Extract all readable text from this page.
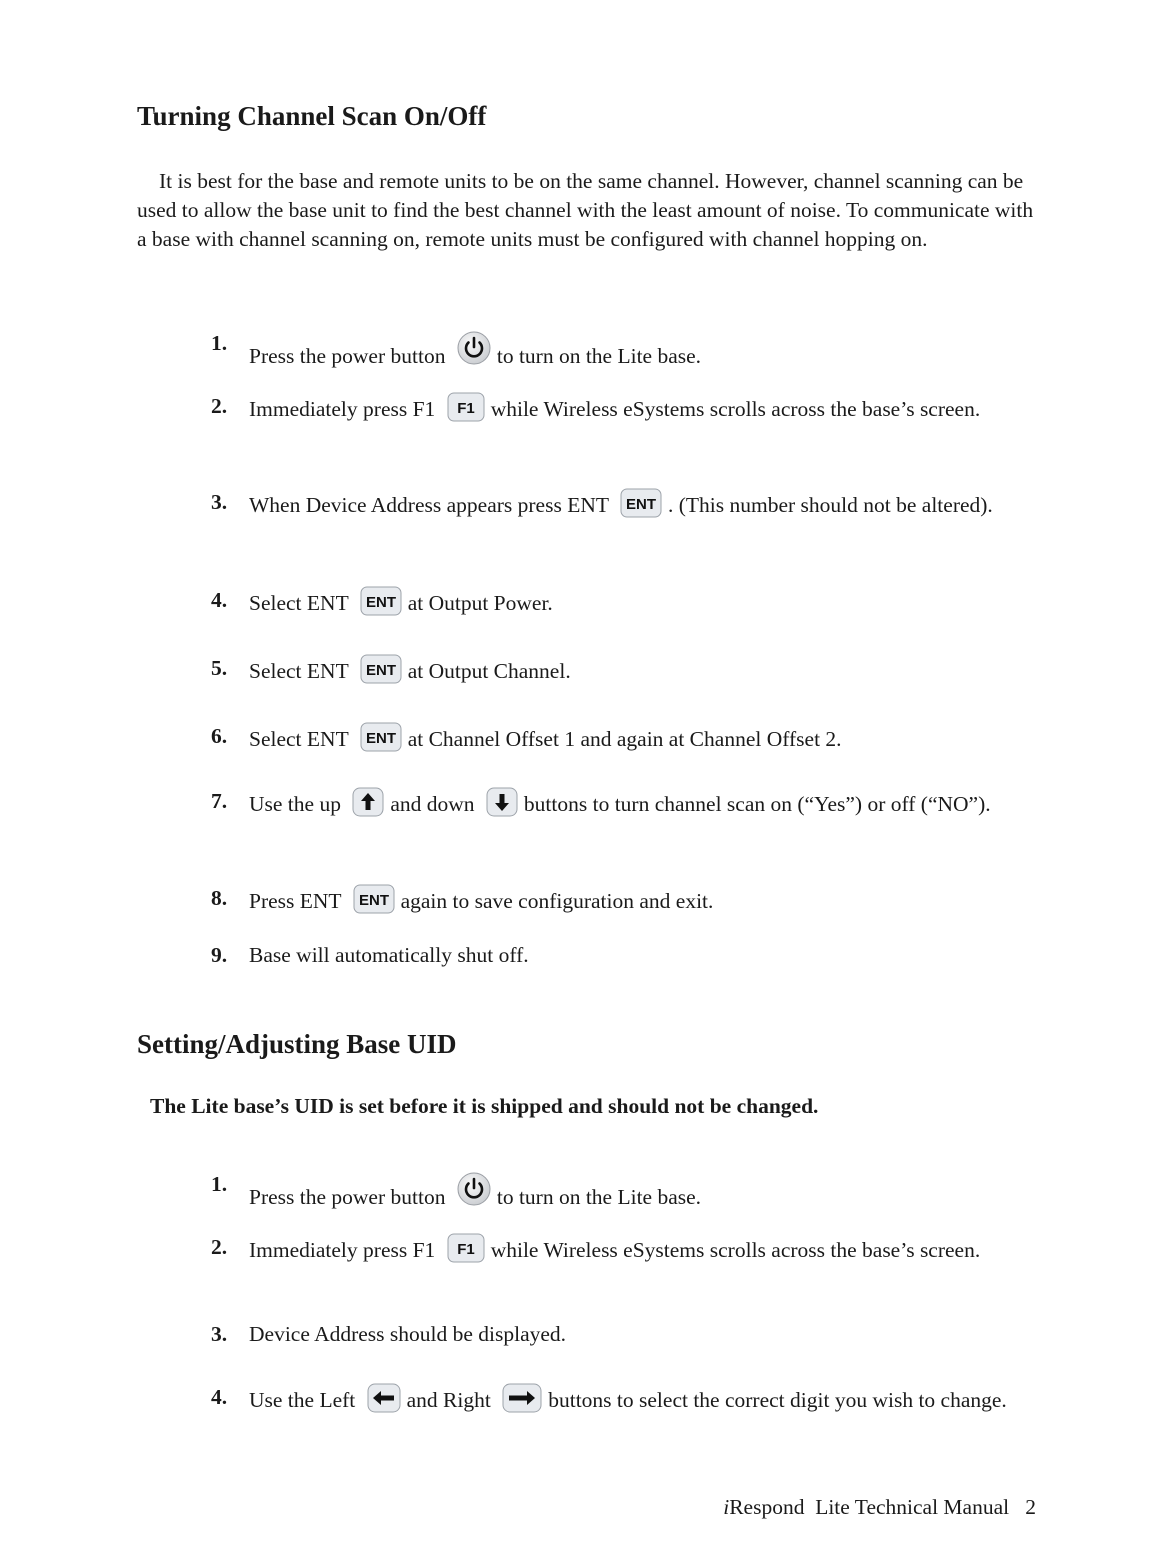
Turning Channel Scan On/Off

It is best for the base and remote units to be on the same channel. However, channel scanning can be used to allow the base unit to find the best channel with the least amount of noise. To communicate with a base with channel scanning on, remote units must be configured with channel hopping on.

1.
Press the power button to turn on the Lite base.
2. Immediately press F1 F1 while Wireless eSystems scrolls across the base’s screen.
3. When Device Address appears press ENT ENT . (This number should not be altered).
4. Select ENT ENT at Output Power.
5. Select ENT ENT at Output Channel.
6. Select ENT ENT at Channel Offset 1 and again at Channel Offset 2.
7. Use the up and down buttons to turn channel scan on (“Yes”) or off (“NO”).
8. Press ENT ENT again to save configuration and exit.
9. Base will automatically shut off.
Setting/Adjusting Base UID

The Lite base’s UID is set before it is shipped and should not be changed.

1.
Press the power button to turn on the Lite base.
2. Immediately press F1 F1 while Wireless eSystems scrolls across the base’s screen.
3. Device Address should be displayed.
4. Use the Left and Right	buttons to select the correct digit you wish to change.
iRespond Lite Technical Manual 2
